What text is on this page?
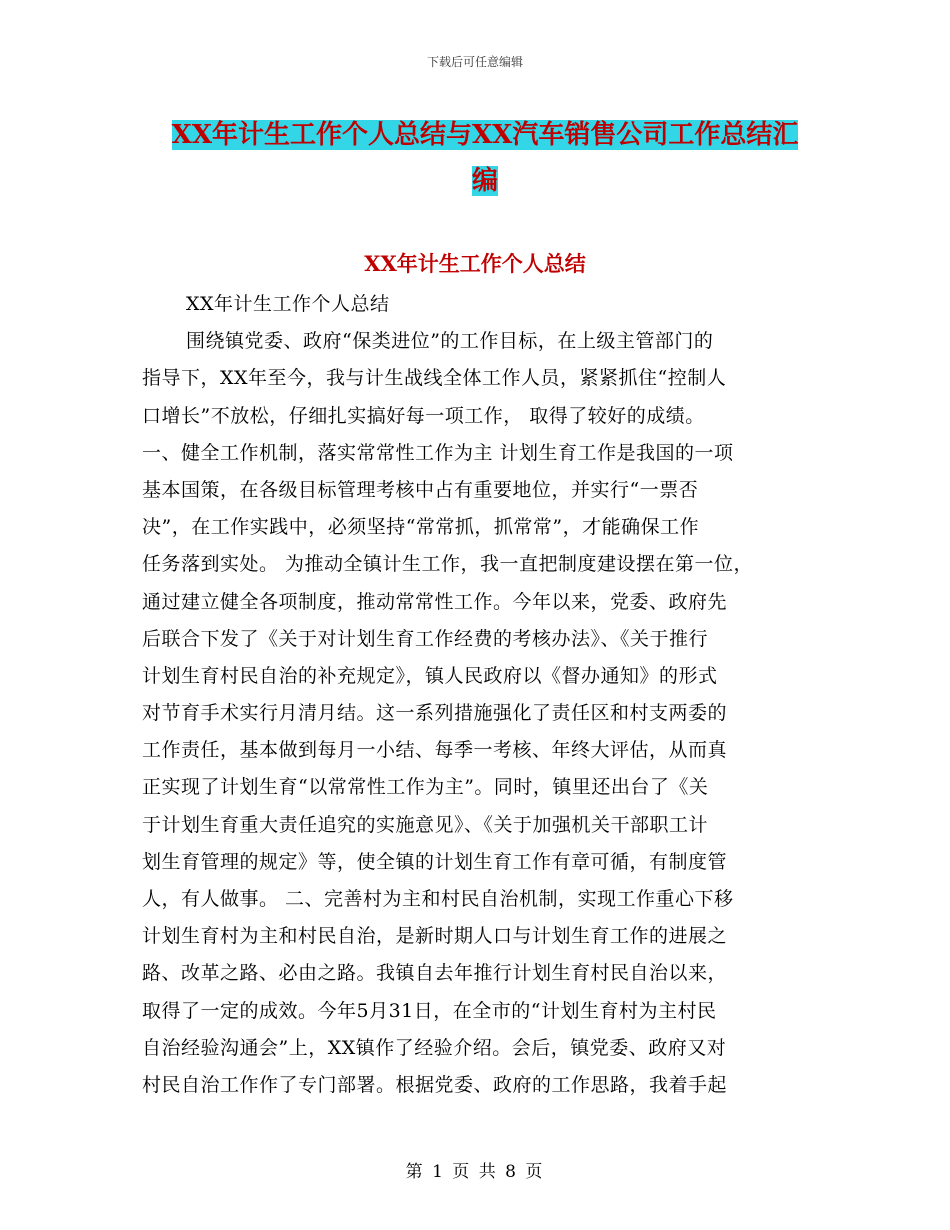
下载后可任意编辑
XX年计生工作个人总结与XX汽车销售公司工作总结汇
编
XX年计生工作个人总结
XX年计生工作个人总结
围绕镇党委、政府“保类进位”的工作目标，在上级主管部门的
指导下，XX年至今，我与计生战线全体工作人员，紧紧抓住“控制人
口增长”不放松，仔细扎实搞好每一项工作， 取得了较好的成绩。
一、健全工作机制，落实常常性工作为主 计划生育工作是我国的一项
基本国策，在各级目标管理考核中占有重要地位，并实行“一票否
决”，在工作实践中，必须坚持“常常抓，抓常常”，才能确保工作
任务落到实处。 为推动全镇计生工作，我一直把制度建设摆在第一位，
通过建立健全各项制度，推动常常性工作。今年以来，党委、政府先
后联合下发了《关于对计划生育工作经费的考核办法》、《关于推行
计划生育村民自治的补充规定》，镇人民政府以《督办通知》的形式
对节育手术实行月清月结。这一系列措施强化了责任区和村支两委的
工作责任，基本做到每月一小结、每季一考核、年终大评估，从而真
正实现了计划生育“以常常性工作为主”。同时，镇里还出台了《关
于计划生育重大责任追究的实施意见》、《关于加强机关干部职工计
划生育管理的规定》等，使全镇的计划生育工作有章可循，有制度管
人，有人做事。 二、完善村为主和村民自治机制，实现工作重心下移
计划生育村为主和村民自治，是新时期人口与计划生育工作的进展之
路、改革之路、必由之路。我镇自去年推行计划生育村民自治以来，
取得了一定的成效。今年5月31日，在全市的“计划生育村为主村民
自治经验沟通会”上，XX镇作了经验介绍。会后，镇党委、政府又对
村民自治工作作了专门部署。根据党委、政府的工作思路，我着手起
第 1 页 共 8 页
